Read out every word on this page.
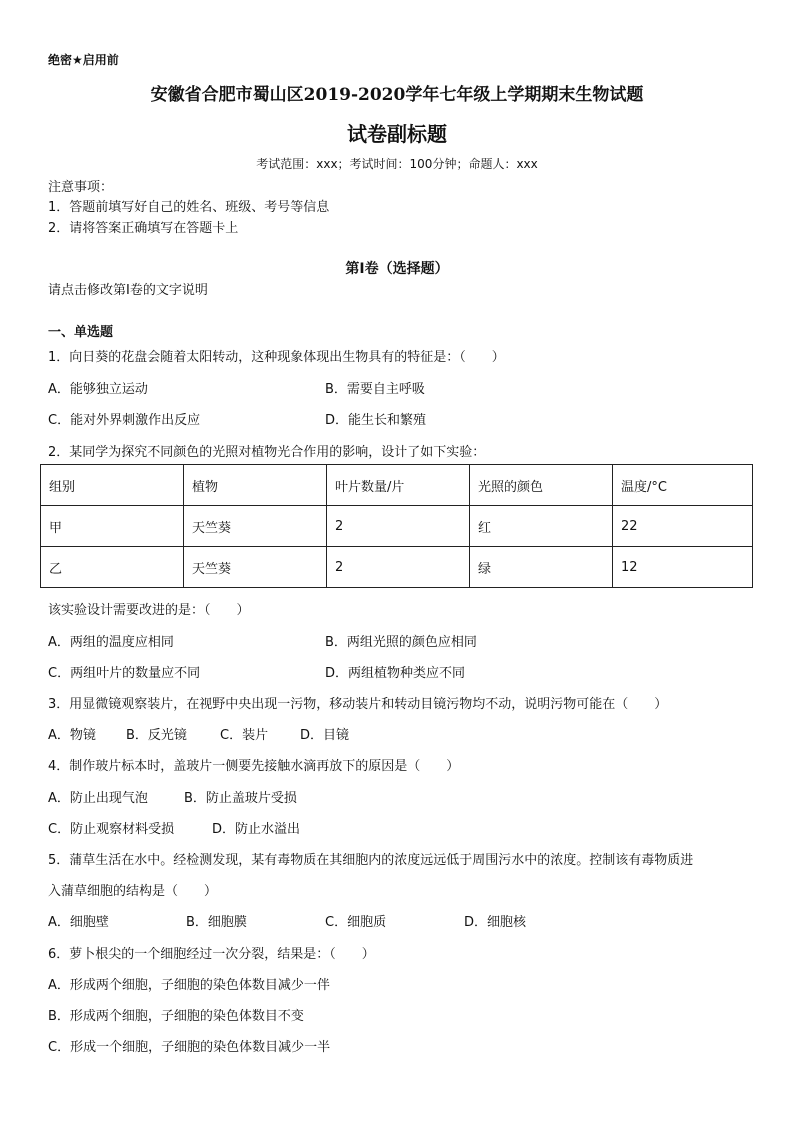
绝密★启用前
安徽省合肥市蜀山区2019-2020学年七年级上学期期末生物试题
试卷副标题
考试范围：xxx；考试时间：100分钟；命题人：xxx
注意事项：
1．答题前填写好自己的姓名、班级、考号等信息
2．请将答案正确填写在答题卡上
第I卷（选择题）
请点击修改第I卷的文字说明
一、单选题
1．向日葵的花盘会随着太阳转动，这种现象体现出生物具有的特征是：（　　）
A．能够独立运动	B．需要自主呼吸
C．能对外界刺激作出反应	D．能生长和繁殖
2．某同学为探究不同颜色的光照对植物光合作用的影响，设计了如下实验：
组别	植物	叶片数量/片	光照的颜色	温度/°C
甲	天竺葵	2	红	22
乙	天竺葵	2	绿	12
该实验设计需要改进的是：（　　）
A．两组的温度应相同	B．两组光照的颜色应相同
C．两组叶片的数量应不同	D．两组植物种类应不同
3．用显微镜观察装片，在视野中央出现一污物，移动装片和转动目镜污物均不动，说明污物可能在（　　）
A．物镜 B．反光镜	C．装片 D．目镜
4．制作玻片标本时，盖玻片一侧要先接触水滴再放下的原因是（　　）
A．防止出现气泡	B．防止盖玻片受损
C．防止观察材料受损	D．防止水溢出
5．蒲草生活在水中。经检测发现，某有毒物质在其细胞内的浓度远远低于周围污水中的浓度。控制该有毒物质进
入蒲草细胞的结构是（　　）
A．细胞壁	B．细胞膜	C．细胞质	D．细胞核
6．萝卜根尖的一个细胞经过一次分裂，结果是：（　　）
A．形成两个细胞，子细胞的染色体数目减少一伴
B．形成两个细胞，子细胞的染色体数目不变
C．形成一个细胞，子细胞的染色体数目减少一半
